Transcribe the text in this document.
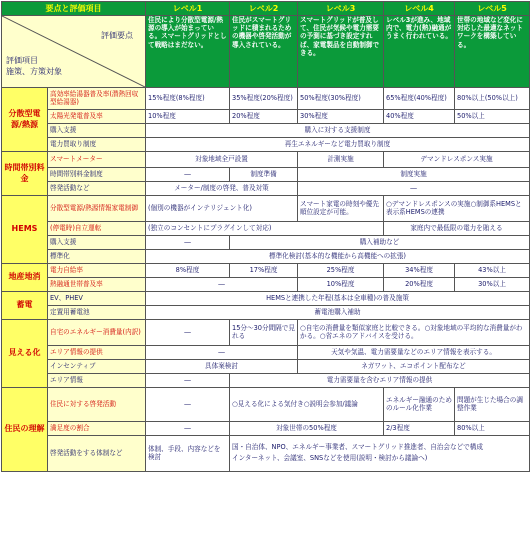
要点と評価項目		レベル1	レベル2	レベル3	レベル4	レベル5

評価要点
評価項目
施策、方策対象		住民により分散型電源/熱源の導入が始まっている。スマートグリッドとして戦略はまだない。	住民がスマートグリッドに積まれるための機器や啓発活動が導入されている。	スマートグリッドが普及して、住民が気候や電力需要の予測に基づき設定すれば、家電製品を自動制御できる。	レベル3が進み、地域内で、電力(熱)融通がうまく行われている。	世帯の地域など変化に対応した最適なネットワークを構築している。
分散型電源/熱源	高効率給湯器普及率(潜熱回収型給湯器)	15%程度(8%程度)	35%程度(20%程度)	50%程度(30%程度)	65%程度(40%程度)	80%以上(50%以上)
	太陽光発電普及率	10%程度	20%程度	30%程度	40%程度	50%以上
	購入支援	購入に対する支援制度				
	電力買取り制度	再生エネルギーなど電力買取り制度				
時間帯別料金	スマートメーター	対象地域全戸設置		計測実施	デマンドレスポンス実施	
	時間帯別料金制度	―	制度準備	制度実施		
	啓発活動など	メーター/制度の啓発、普及対策		―		
HEMS	分散型電源/熱源情報家電制御	(個別の機器がインテリジェント化)		スマート家電の時刻や優先順位設定が可能。	○デマンドレスポンスの実施○制御系HEMSと表示系HEMSの連携	
	(停電時)自立運転	(独立のコンセントにプラグインして対応)			家庭内で最低限の電力を賄える	
	購入支援	―	購入補助など			
	標準化	標準化検討(基本的な機能から高機能への拡張)				
地産地消	電力自給率	8%程度	17%程度	25%程度	34%程度	43%以上
	熱融通世帯普及率	―		10%程度	20%程度	30%以上
蓄電	EV、PHEV	HEMSと連携した年程(基本は全車種)の普及施策				
	定置用蓄電池	蓄電池購入補助				
見える化	自宅のエネルギー消費量(内訳)	―	15分～30分間隔で見れる	○自宅の消費量を類似家庭と比較できる。○対象地域の平均的な消費量がわかる。○省エネのアドバイスを受ける。		
	エリア情報の提供	―		天気や気温、電力需要量などのエリア情報を表示する。		
	インセンティブ	具体案検討		ネガワット、エコポイント配布など		
	エリア情報	―	電力需要量を含むエリア情報の提供			
住民の理解	住民に対する啓発活動	―	○見える化による気付き○説明会参加/議論		エネルギー融通のためのルール化作業	問題が生じた場合の調整作業
	満足度の割合	―	対象世帯の50%程度		2/3程度	80%以上
	啓発活動をする体制など	体制、手段、内容などを検討	国・自治体、NPO、エネルギー事業者、スマートグリッド推進者、自治会などで構成
インターネット、会議室、SNSなどを使用(説明・検討から議論へ)			
